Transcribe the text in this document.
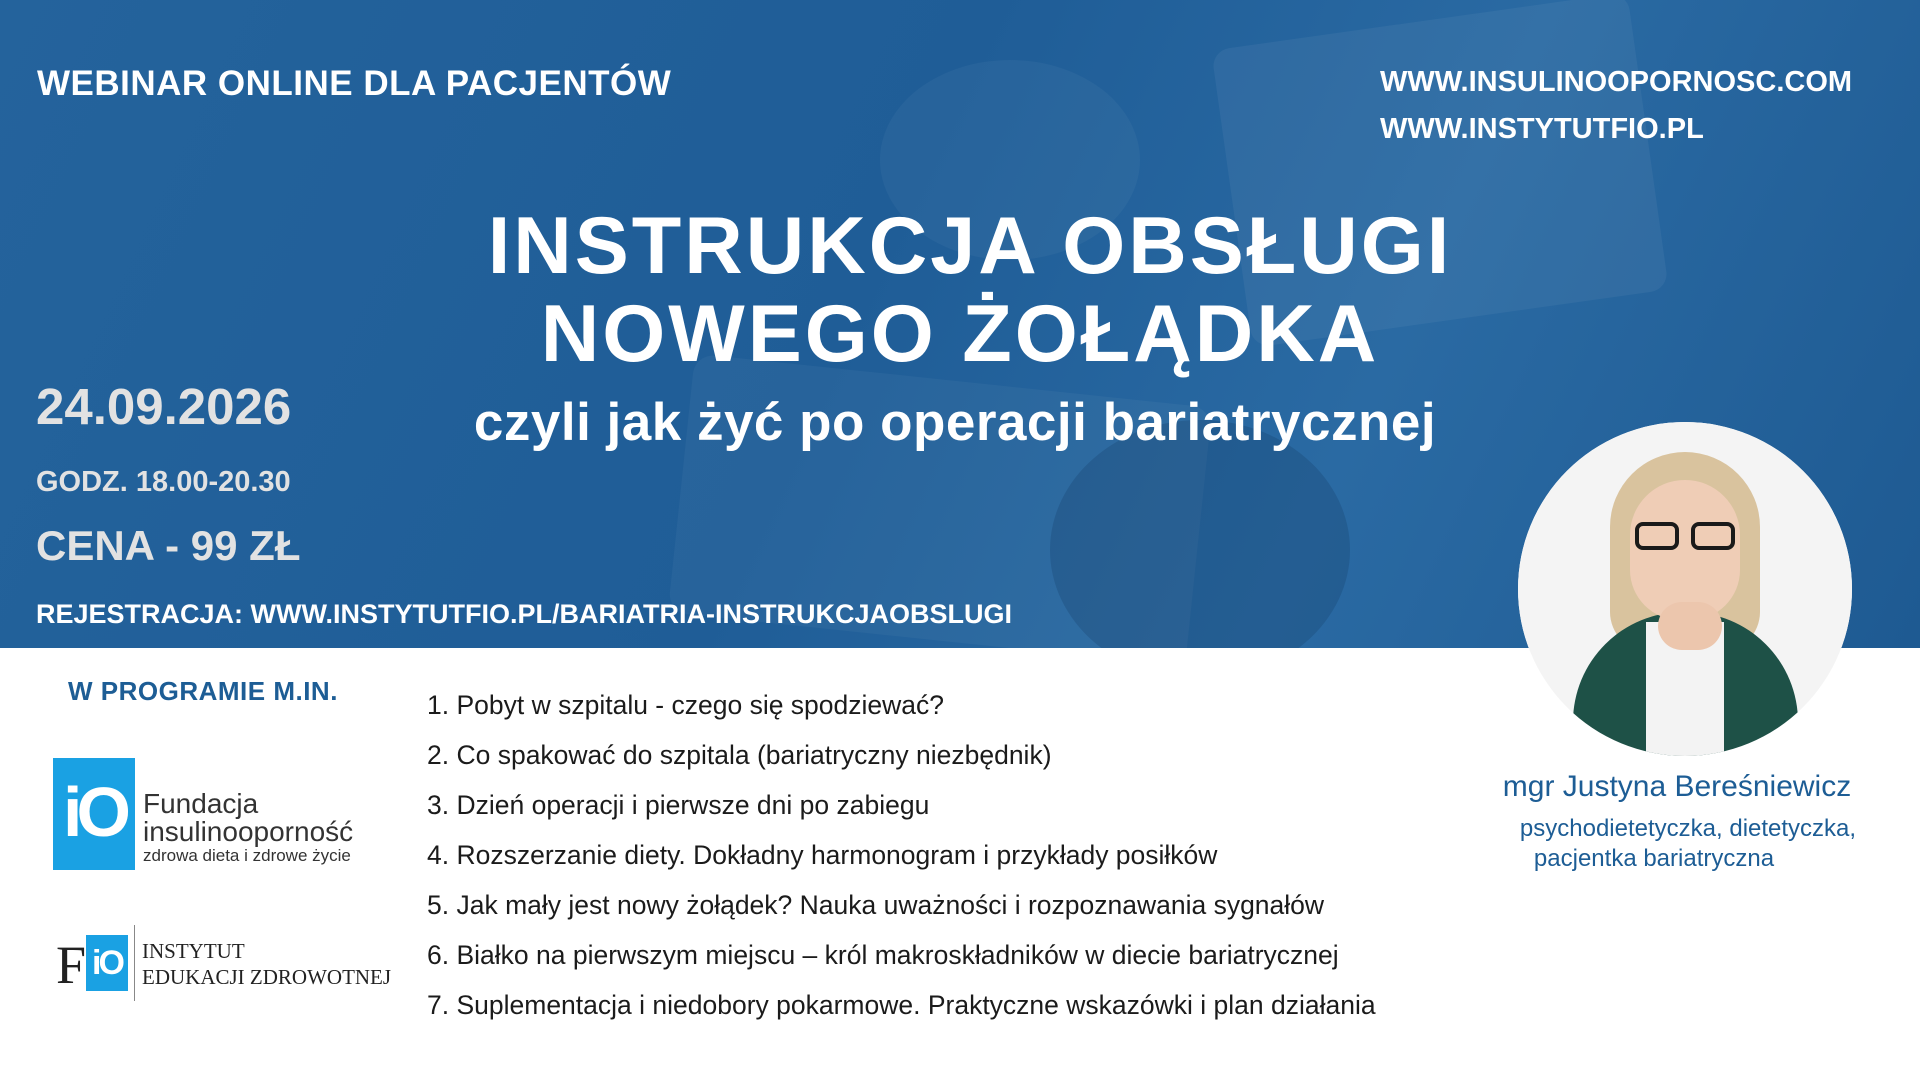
WEBINAR ONLINE DLA PACJENTÓW	WWW.INSULINOOPORNOSC.COM
WWW.INSTYTUTFIO.PL
INSTRUKCJA OBSŁUGI
NOWEGO ŻOŁĄDKA
czyli jak żyć po operacji bariatrycznej
24.09.2026
GODZ. 18.00-20.30
CENA - 99 ZŁ
REJESTRACJA: WWW.INSTYTUTFIO.PL/BARIATRIA-INSTRUKCJAOBSLUGI
W PROGRAMIE M.IN.	1. Pobyt w szpitalu - czego się spodziewać?
2. Co spakować do szpitala (bariatryczny niezbędnik)
3. Dzień operacji i pierwsze dni po zabiegu
4. Rozszerzanie diety. Dokładny harmonogram i przykłady posiłków
5. Jak mały jest nowy żołądek? Nauka uważności i rozpoznawania sygnałów
6. Białko na pierwszym miejscu – król makroskładników w diecie bariatrycznej
7. Suplementacja i niedobory pokarmowe. Praktyczne wskazówki i plan działania
iO Fundacja
insulinooporność
zdrowa dieta i zdrowe życie
F iO INSTYTUT
EDUKACJI ZDROWOTNEJ
mgr Justyna Bereśniewicz
psychodietetyczka, dietetyczka,
pacjentka bariatryczna
